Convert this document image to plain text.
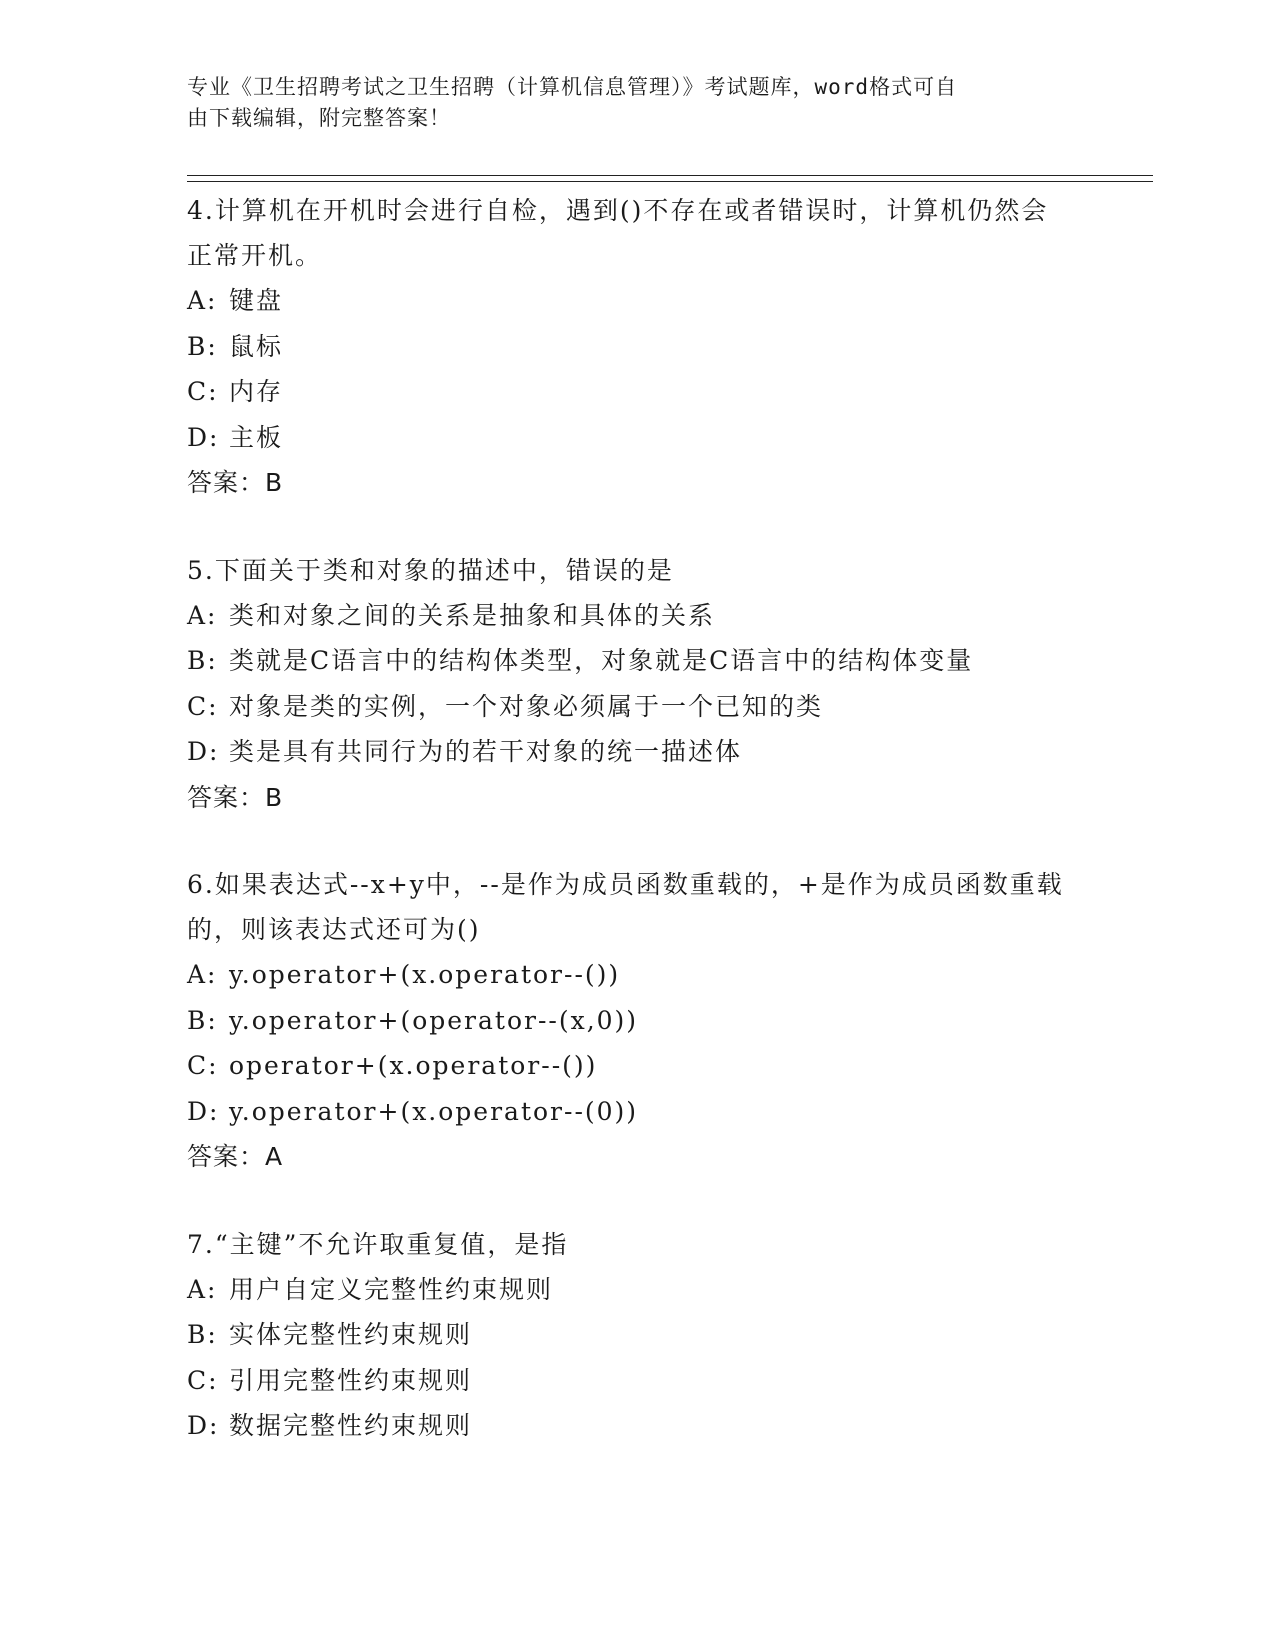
专业《卫生招聘考试之卫生招聘（计算机信息管理）》考试题库，word格式可自
由下载编辑，附完整答案！
4.计算机在开机时会进行自检，遇到()不存在或者错误时，计算机仍然会正常开机。
A: 键盘
B: 鼠标
C: 内存
D: 主板
答案：B
5.下面关于类和对象的描述中，错误的是
A: 类和对象之间的关系是抽象和具体的关系
B: 类就是C语言中的结构体类型，对象就是C语言中的结构体变量
C: 对象是类的实例，一个对象必须属于一个已知的类
D: 类是具有共同行为的若干对象的统一描述体
答案：B
6.如果表达式--x+y中，--是作为成员函数重载的，+是作为成员函数重载的，则该表达式还可为()
A: y.operator+(x.operator--())
B: y.operator+(operator--(x,0))
C: operator+(x.operator--())
D: y.operator+(x.operator--(0))
答案：A
7.“主键”不允许取重复值，是指
A: 用户自定义完整性约束规则
B: 实体完整性约束规则
C: 引用完整性约束规则
D: 数据完整性约束规则
